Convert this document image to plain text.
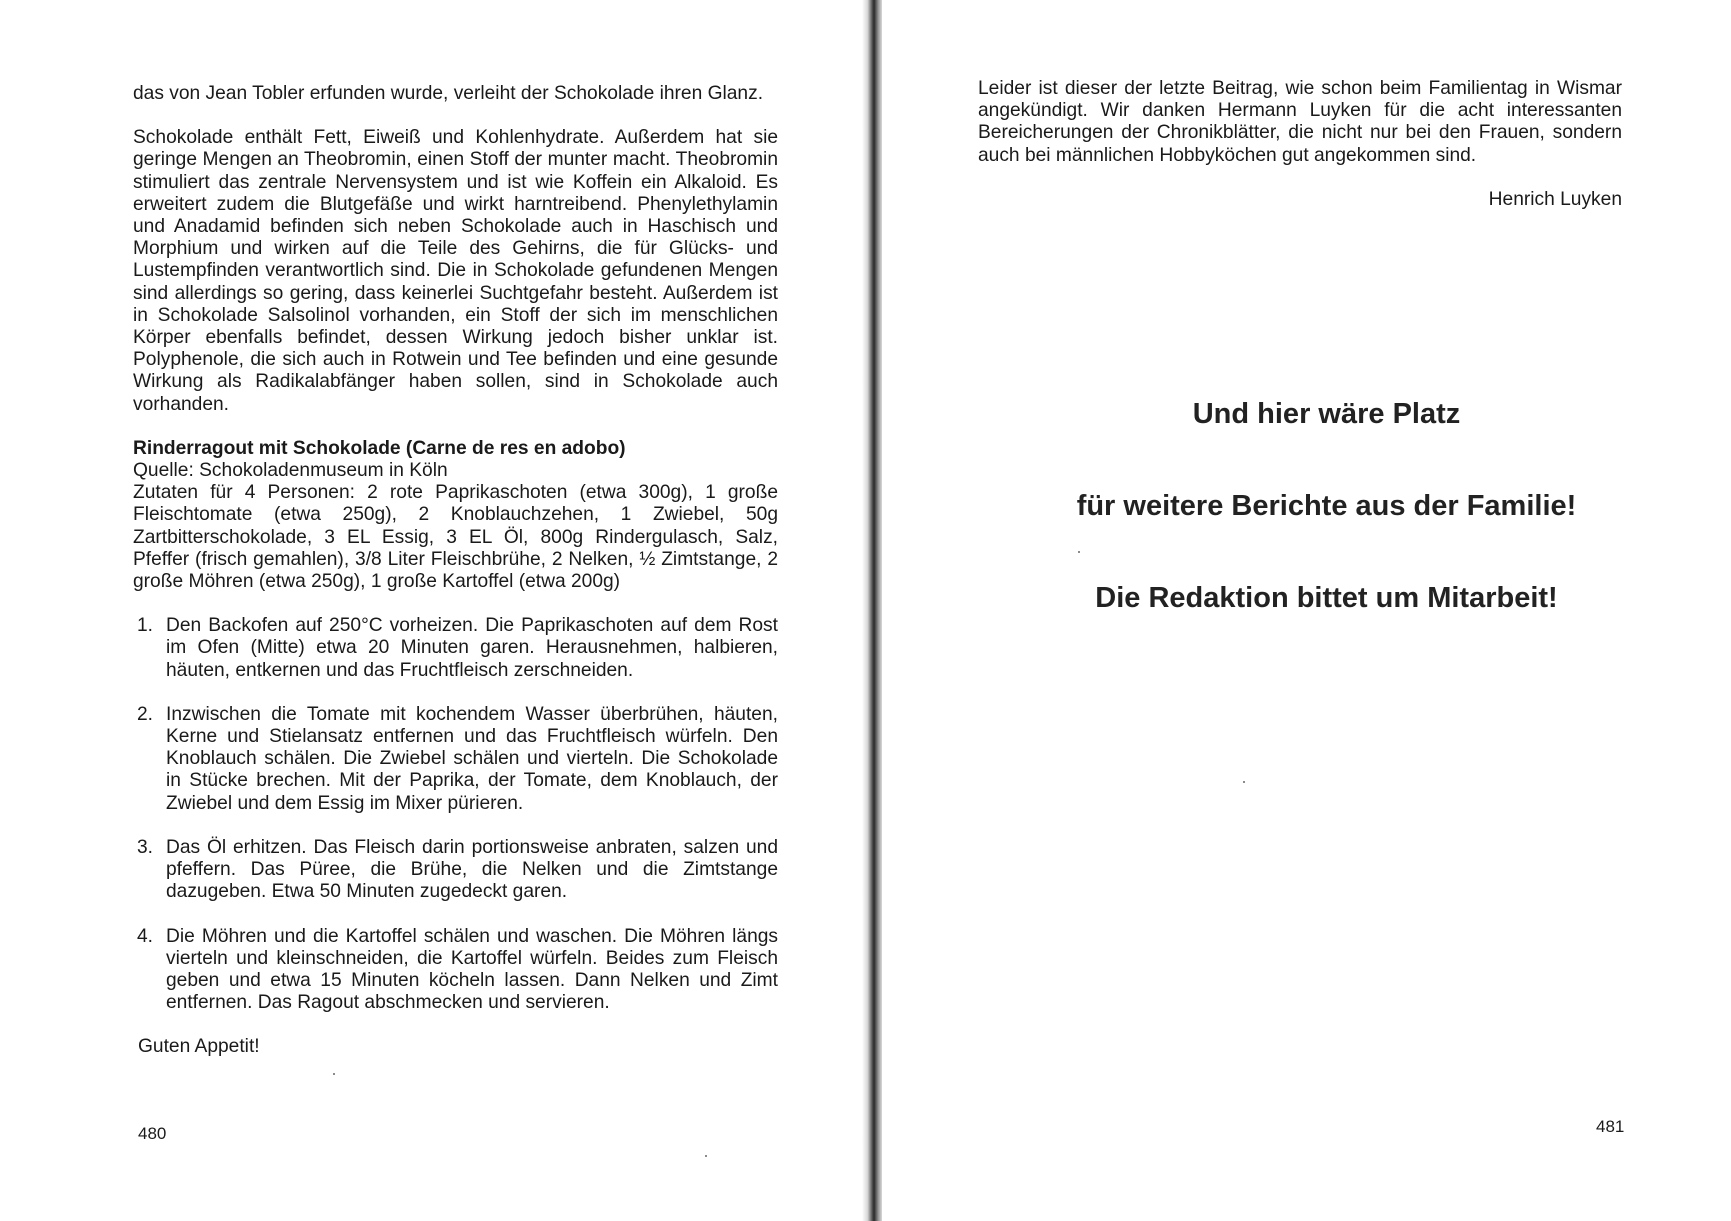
das von Jean Tobler erfunden wurde, verleiht der Schokolade ihren Glanz.

Schokolade enthält Fett, Eiweiß und Kohlenhydrate. Außerdem hat sie geringe Mengen an Theobromin, einen Stoff der munter macht. Theobromin stimuliert das zentrale Nervensystem und ist wie Koffein ein Alkaloid. Es erweitert zudem die Blutgefäße und wirkt harntreibend. Phenylethylamin und Anadamid befinden sich neben Schokolade auch in Haschisch und Morphium und wirken auf die Teile des Gehirns, die für Glücks- und Lustempfinden verantwortlich sind. Die in Schokolade gefundenen Mengen sind allerdings so gering, dass keinerlei Suchtgefahr besteht. Außerdem ist in Schokolade Salsolinol vorhanden, ein Stoff der sich im menschlichen Körper ebenfalls befindet, dessen Wirkung jedoch bisher unklar ist. Polyphenole, die sich auch in Rotwein und Tee befinden und eine gesunde Wirkung als Radikalabfänger haben sollen, sind in Schokolade auch vorhanden.

Rinderragout mit Schokolade (Carne de res en adobo)

Quelle: Schokoladenmuseum in Köln

Zutaten für 4 Personen: 2 rote Paprikaschoten (etwa 300g), 1 große Fleischtomate (etwa 250g), 2 Knoblauchzehen, 1 Zwiebel, 50g Zartbitterschokolade, 3 EL Essig, 3 EL Öl, 800g Rindergulasch, Salz, Pfeffer (frisch gemahlen), 3/8 Liter Fleischbrühe, 2 Nelken, ½ Zimtstange, 2 große Möhren (etwa 250g), 1 große Kartoffel (etwa 200g)

1. Den Backofen auf 250°C vorheizen. Die Paprikaschoten auf dem Rost im Ofen (Mitte) etwa 20 Minuten garen. Herausnehmen, halbieren, häuten, entkernen und das Fruchtfleisch zerschneiden.
2. Inzwischen die Tomate mit kochendem Wasser überbrühen, häuten, Kerne und Stielansatz entfernen und das Fruchtfleisch würfeln. Den Knoblauch schälen. Die Zwiebel schälen und vierteln. Die Schokolade in Stücke brechen. Mit der Paprika, der Tomate, dem Knoblauch, der Zwiebel und dem Essig im Mixer pürieren.
3. Das Öl erhitzen. Das Fleisch darin portionsweise anbraten, salzen und pfeffern. Das Püree, die Brühe, die Nelken und die Zimtstange dazugeben. Etwa 50 Minuten zugedeckt garen.
4. Die Möhren und die Kartoffel schälen und waschen. Die Möhren längs vierteln und kleinschneiden, die Kartoffel würfeln. Beides zum Fleisch geben und etwa 15 Minuten köcheln lassen. Dann Nelken und Zimt entfernen. Das Ragout abschmecken und servieren.

Guten Appetit!

480

Leider ist dieser der letzte Beitrag, wie schon beim Familientag in Wismar angekündigt. Wir danken Hermann Luyken für die acht interessanten Bereicherungen der Chronikblätter, die nicht nur bei den Frauen, sondern auch bei männlichen Hobbyköchen gut angekommen sind.

Henrich Luyken

Und hier wäre Platz

für weitere Berichte aus der Familie!

Die Redaktion bittet um Mitarbeit!

481
